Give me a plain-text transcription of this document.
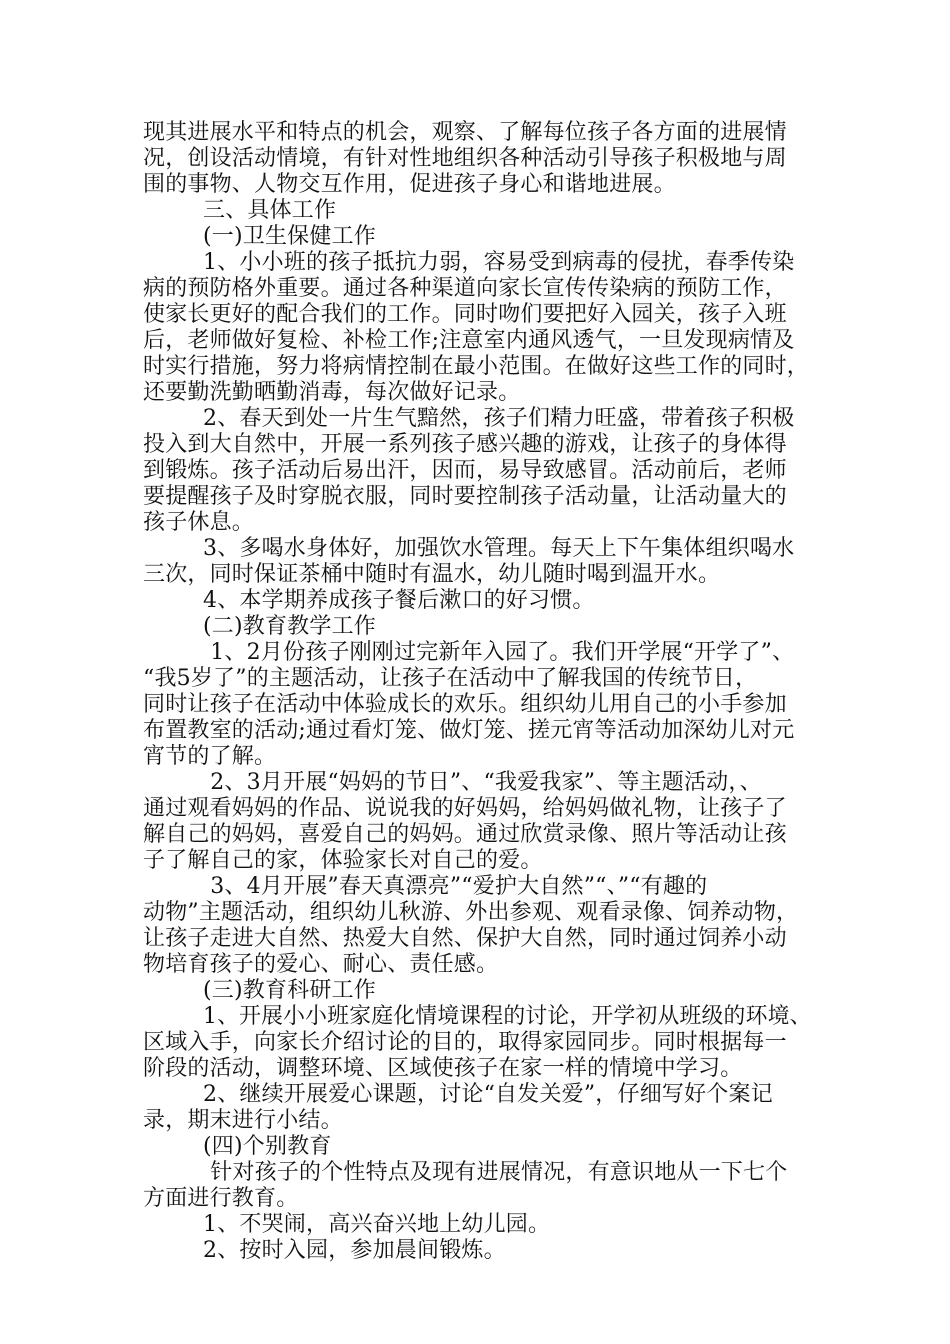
现其进展水平和特点的机会，观察、了解每位孩子各方面的进展情

况，创设活动情境，有针对性地组织各种活动引导孩子积极地与周

围的事物、人物交互作用，促进孩子身心和谐地进展。

三、具体工作

(一)卫生保健工作

1、小小班的孩子抵抗力弱，容易受到病毒的侵扰，春季传染

病的预防格外重要。通过各种渠道向家长宣传传染病的预防工作，

使家长更好的配合我们的工作。同时吻们要把好入园关，孩子入班

后，老师做好复检、补检工作;注意室内通风透气，一旦发现病情及

时实行措施，努力将病情控制在最小范围。在做好这些工作的同时，

还要勤洗勤晒勤消毒，每次做好记录。

2、春天到处一片生气黯然，孩子们精力旺盛，带着孩子积极

投入到大自然中，开展一系列孩子感兴趣的游戏，让孩子的身体得

到锻炼。孩子活动后易出汗，因而，易导致感冒。活动前后，老师

要提醒孩子及时穿脱衣服，同时要控制孩子活动量，让活动量大的

孩子休息。

3、多喝水身体好，加强饮水管理。每天上下午集体组织喝水

三次，同时保证茶桶中随时有温水，幼儿随时喝到温开水。

4、本学期养成孩子餐后漱口的好习惯。

(二)教育教学工作

1、2月份孩子刚刚过完新年入园了。我们开学展“开学了”、

“我5岁了”的主题活动，让孩子在活动中了解我国的传统节日，

同时让孩子在活动中体验成长的欢乐。组织幼儿用自己的小手参加

布置教室的活动;通过看灯笼、做灯笼、搓元宵等活动加深幼儿对元

宵节的了解。

2、3月开展“妈妈的节日”、“我爱我家”、等主题活动，、

通过观看妈妈的作品、说说我的好妈妈，给妈妈做礼物，让孩子了

解自己的妈妈，喜爱自己的妈妈。通过欣赏录像、照片等活动让孩

子了解自己的家，体验家长对自己的爱。

3、4月开展”春天真漂亮”“爱护大自然”“、”“有趣的

动物”主题活动，组织幼儿秋游、外出参观、观看录像、饲养动物，

让孩子走进大自然、热爱大自然、保护大自然，同时通过饲养小动

物培育孩子的爱心、耐心、责任感。

(三)教育科研工作

1、开展小小班家庭化情境课程的讨论，开学初从班级的环境、

区域入手，向家长介绍讨论的目的，取得家园同步。同时根据每一

阶段的活动，调整环境、区域使孩子在家一样的情境中学习。

2、继续开展爱心课题，讨论“自发关爱”，仔细写好个案记

录，期末进行小结。

(四)个别教育

针对孩子的个性特点及现有进展情况，有意识地从一下七个

方面进行教育。

1、不哭闹，高兴奋兴地上幼儿园。

2、按时入园，参加晨间锻炼。
